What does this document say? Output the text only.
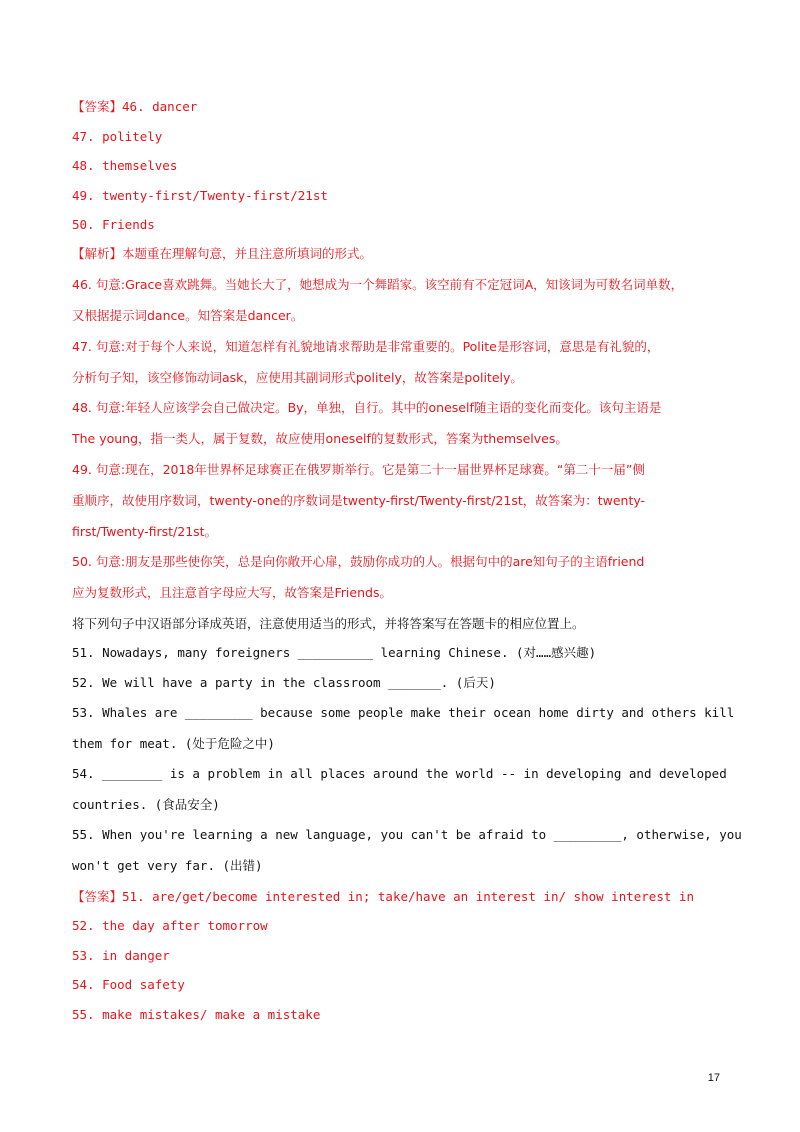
【答案】46. dancer
47. politely
48. themselves
49. twenty-first/Twenty-first/21st
50. Friends
【解析】本题重在理解句意，并且注意所填词的形式。
46. 句意:Grace喜欢跳舞。当她长大了，她想成为一个舞蹈家。该空前有不定冠词A，知该词为可数名词单数，
又根据提示词dance。知答案是dancer。
47. 句意:对于每个人来说，知道怎样有礼貌地请求帮助是非常重要的。Polite是形容词，意思是有礼貌的，
分析句子知，该空修饰动词ask，应使用其副词形式politely，故答案是politely。
48. 句意:年轻人应该学会自己做决定。By，单独，自行。其中的oneself随主语的变化而变化。该句主语是
The young，指一类人，属于复数，故应使用oneself的复数形式，答案为themselves。
49. 句意:现在，2018年世界杯足球赛正在俄罗斯举行。它是第二十一届世界杯足球赛。“第二十一届”侧
重顺序，故使用序数词，twenty-one的序数词是twenty-first/Twenty-first/21st，故答案为：twenty-
first/Twenty-first/21st。
50. 句意:朋友是那些使你笑，总是向你敞开心扉，鼓励你成功的人。根据句中的are知句子的主语friend
应为复数形式，且注意首字母应大写，故答案是Friends。
将下列句子中汉语部分译成英语，注意使用适当的形式，并将答案写在答题卡的相应位置上。
51. Nowadays, many foreigners __________ learning Chinese. (对……感兴趣)
52. We will have a party in the classroom _______. (后天)
53. Whales are _________ because some people make their ocean home dirty and others kill
them for meat. (处于危险之中)
54. ________ is a problem in all places around the world -- in developing and developed
countries. (食品安全)
55. When you're learning a new language, you can't be afraid to _________, otherwise, you
won't get very far. (出错)
【答案】51. are/get/become interested in; take/have an interest in/ show interest in
52. the day after tomorrow
53. in danger
54. Food safety
55. make mistakes/ make a mistake
17
